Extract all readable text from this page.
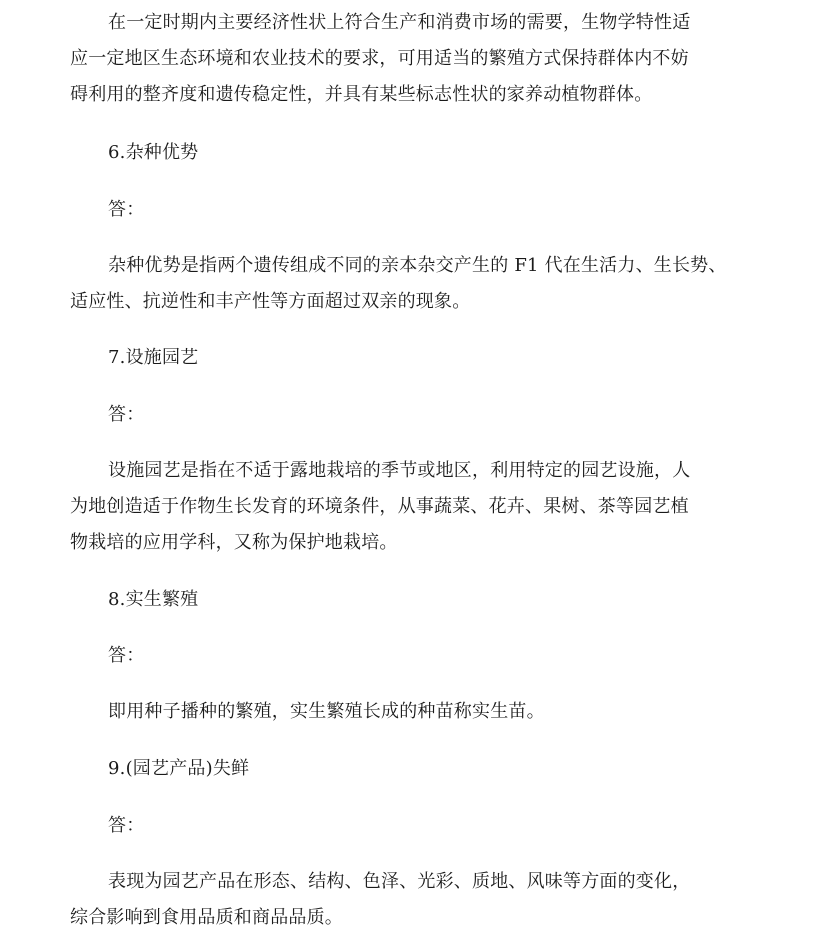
在一定时期内主要经济性状上符合生产和消费市场的需要，生物学特性适
应一定地区生态环境和农业技术的要求，可用适当的繁殖方式保持群体内不妨
碍利用的整齐度和遗传稳定性，并具有某些标志性状的家养动植物群体。
6.杂种优势
答：
杂种优势是指两个遗传组成不同的亲本杂交产生的 F1 代在生活力、生长势、
适应性、抗逆性和丰产性等方面超过双亲的现象。
7.设施园艺
答：
设施园艺是指在不适于露地栽培的季节或地区，利用特定的园艺设施，人
为地创造适于作物生长发育的环境条件，从事蔬菜、花卉、果树、茶等园艺植
物栽培的应用学科，又称为保护地栽培。
8.实生繁殖
答：
即用种子播种的繁殖，实生繁殖长成的种苗称实生苗。
9.(园艺产品)失鲜
答：
表现为园艺产品在形态、结构、色泽、光彩、质地、风味等方面的变化，
综合影响到食用品质和商品品质。
